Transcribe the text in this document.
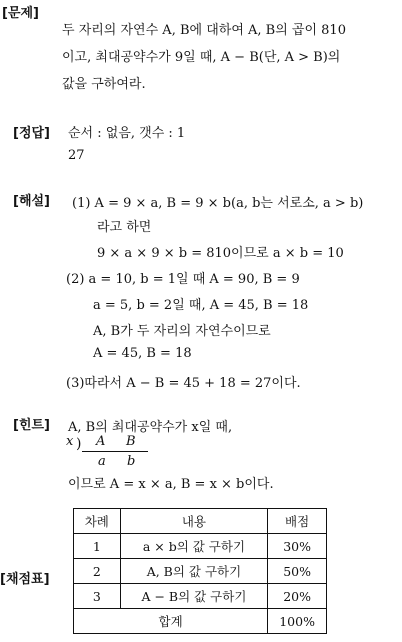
[문제]
두 자리의 자연수 A, B에 대하여 A, B의 곱이 810
이고, 최대공약수가 9일 때, A − B(단, A > B)의
값을 구하여라.
[정답] 순서 : 없음, 갯수 : 1
27
[해설] (1) A = 9 × a, B = 9 × b(a, b는 서로소, a > b)
라고 하면
9 × a × 9 × b = 810이므로 a × b = 10
(2) a = 10, b = 1일 때 A = 90, B = 9
a = 5, b = 2일 때, A = 45, B = 18
A, B가 두 자리의 자연수이므로
A = 45, B = 18
(3)따라서 A − B = 45 + 18 = 27이다.
[힌트] A, B의 최대공약수가 x일 때,
x ) A B
a b
이므로 A = x × a, B = x × b이다.
[채점표]
차례	내용	배점
1	a × b의 값 구하기	30%
2	A, B의 값 구하기	50%
3	A − B의 값 구하기	20%
합계		100%
